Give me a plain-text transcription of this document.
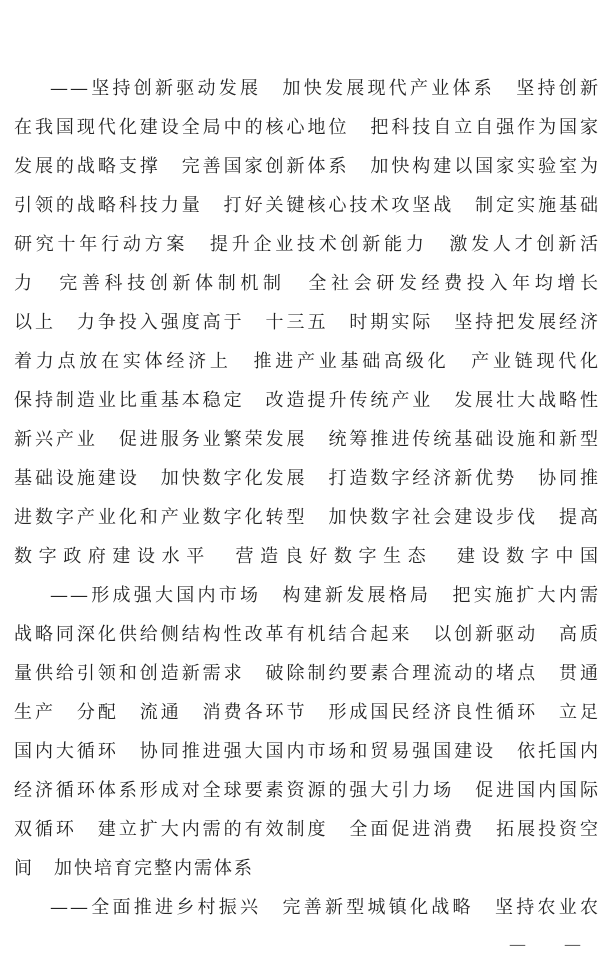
——坚持创新驱动发展　加快发展现代产业体系　坚持创新
在我国现代化建设全局中的核心地位　把科技自立自强作为国家
发展的战略支撑　完善国家创新体系　加快构建以国家实验室为
引领的战略科技力量　打好关键核心技术攻坚战　制定实施基础
研究十年行动方案　提升企业技术创新能力　激发人才创新活
力　完善科技创新体制机制　全社会研发经费投入年均增长
以上　力争投入强度高于　十三五　时期实际　坚持把发展经济
着力点放在实体经济上　推进产业基础高级化　产业链现代化
保持制造业比重基本稳定　改造提升传统产业　发展壮大战略性
新兴产业　促进服务业繁荣发展　统筹推进传统基础设施和新型
基础设施建设　加快数字化发展　打造数字经济新优势　协同推
进数字产业化和产业数字化转型　加快数字社会建设步伐　提高
数字政府建设水平　营造良好数字生态　建设数字中国
——形成强大国内市场　构建新发展格局　把实施扩大内需
战略同深化供给侧结构性改革有机结合起来　以创新驱动　高质
量供给引领和创造新需求　破除制约要素合理流动的堵点　贯通
生产　分配　流通　消费各环节　形成国民经济良性循环　立足
国内大循环　协同推进强大国内市场和贸易强国建设　依托国内
经济循环体系形成对全球要素资源的强大引力场　促进国内国际
双循环　建立扩大内需的有效制度　全面促进消费　拓展投资空
间　加快培育完整内需体系
——全面推进乡村振兴　完善新型城镇化战略　坚持农业农
— —
